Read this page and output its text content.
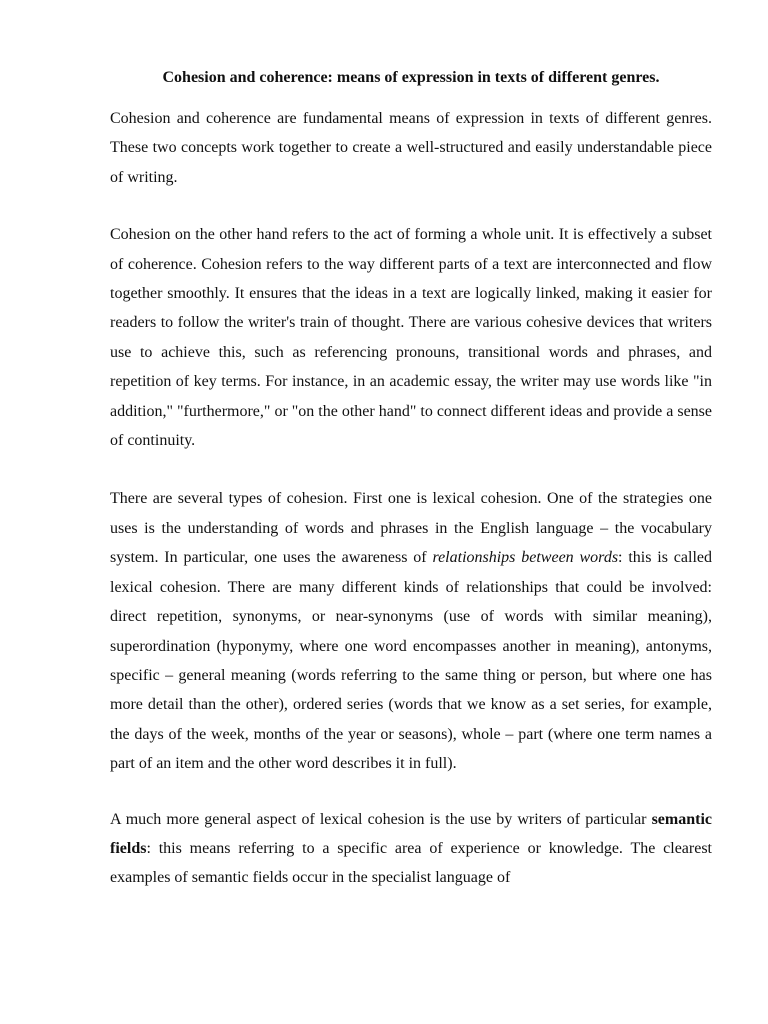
Cohesion and coherence: means of expression in texts of different genres.

Cohesion and coherence are fundamental means of expression in texts of different genres. These two concepts work together to create a well-structured and easily understandable piece of writing.

Cohesion on the other hand refers to the act of forming a whole unit. It is effectively a subset of coherence. Cohesion refers to the way different parts of a text are interconnected and flow together smoothly. It ensures that the ideas in a text are logically linked, making it easier for readers to follow the writer's train of thought. There are various cohesive devices that writers use to achieve this, such as referencing pronouns, transitional words and phrases, and repetition of key terms. For instance, in an academic essay, the writer may use words like "in addition," "furthermore," or "on the other hand" to connect different ideas and provide a sense of continuity.

There are several types of cohesion. First one is lexical cohesion. One of the strategies one uses is the understanding of words and phrases in the English language – the vocabulary system. In particular, one uses the awareness of relationships between words: this is called lexical cohesion. There are many different kinds of relationships that could be involved: direct repetition, synonyms, or near-synonyms (use of words with similar meaning), superordination (hyponymy, where one word encompasses another in meaning), antonyms, specific – general meaning (words referring to the same thing or person, but where one has more detail than the other), ordered series (words that we know as a set series, for example, the days of the week, months of the year or seasons), whole – part (where one term names a part of an item and the other word describes it in full).

A much more general aspect of lexical cohesion is the use by writers of particular semantic fields: this means referring to a specific area of experience or knowledge. The clearest examples of semantic fields occur in the specialist language of
